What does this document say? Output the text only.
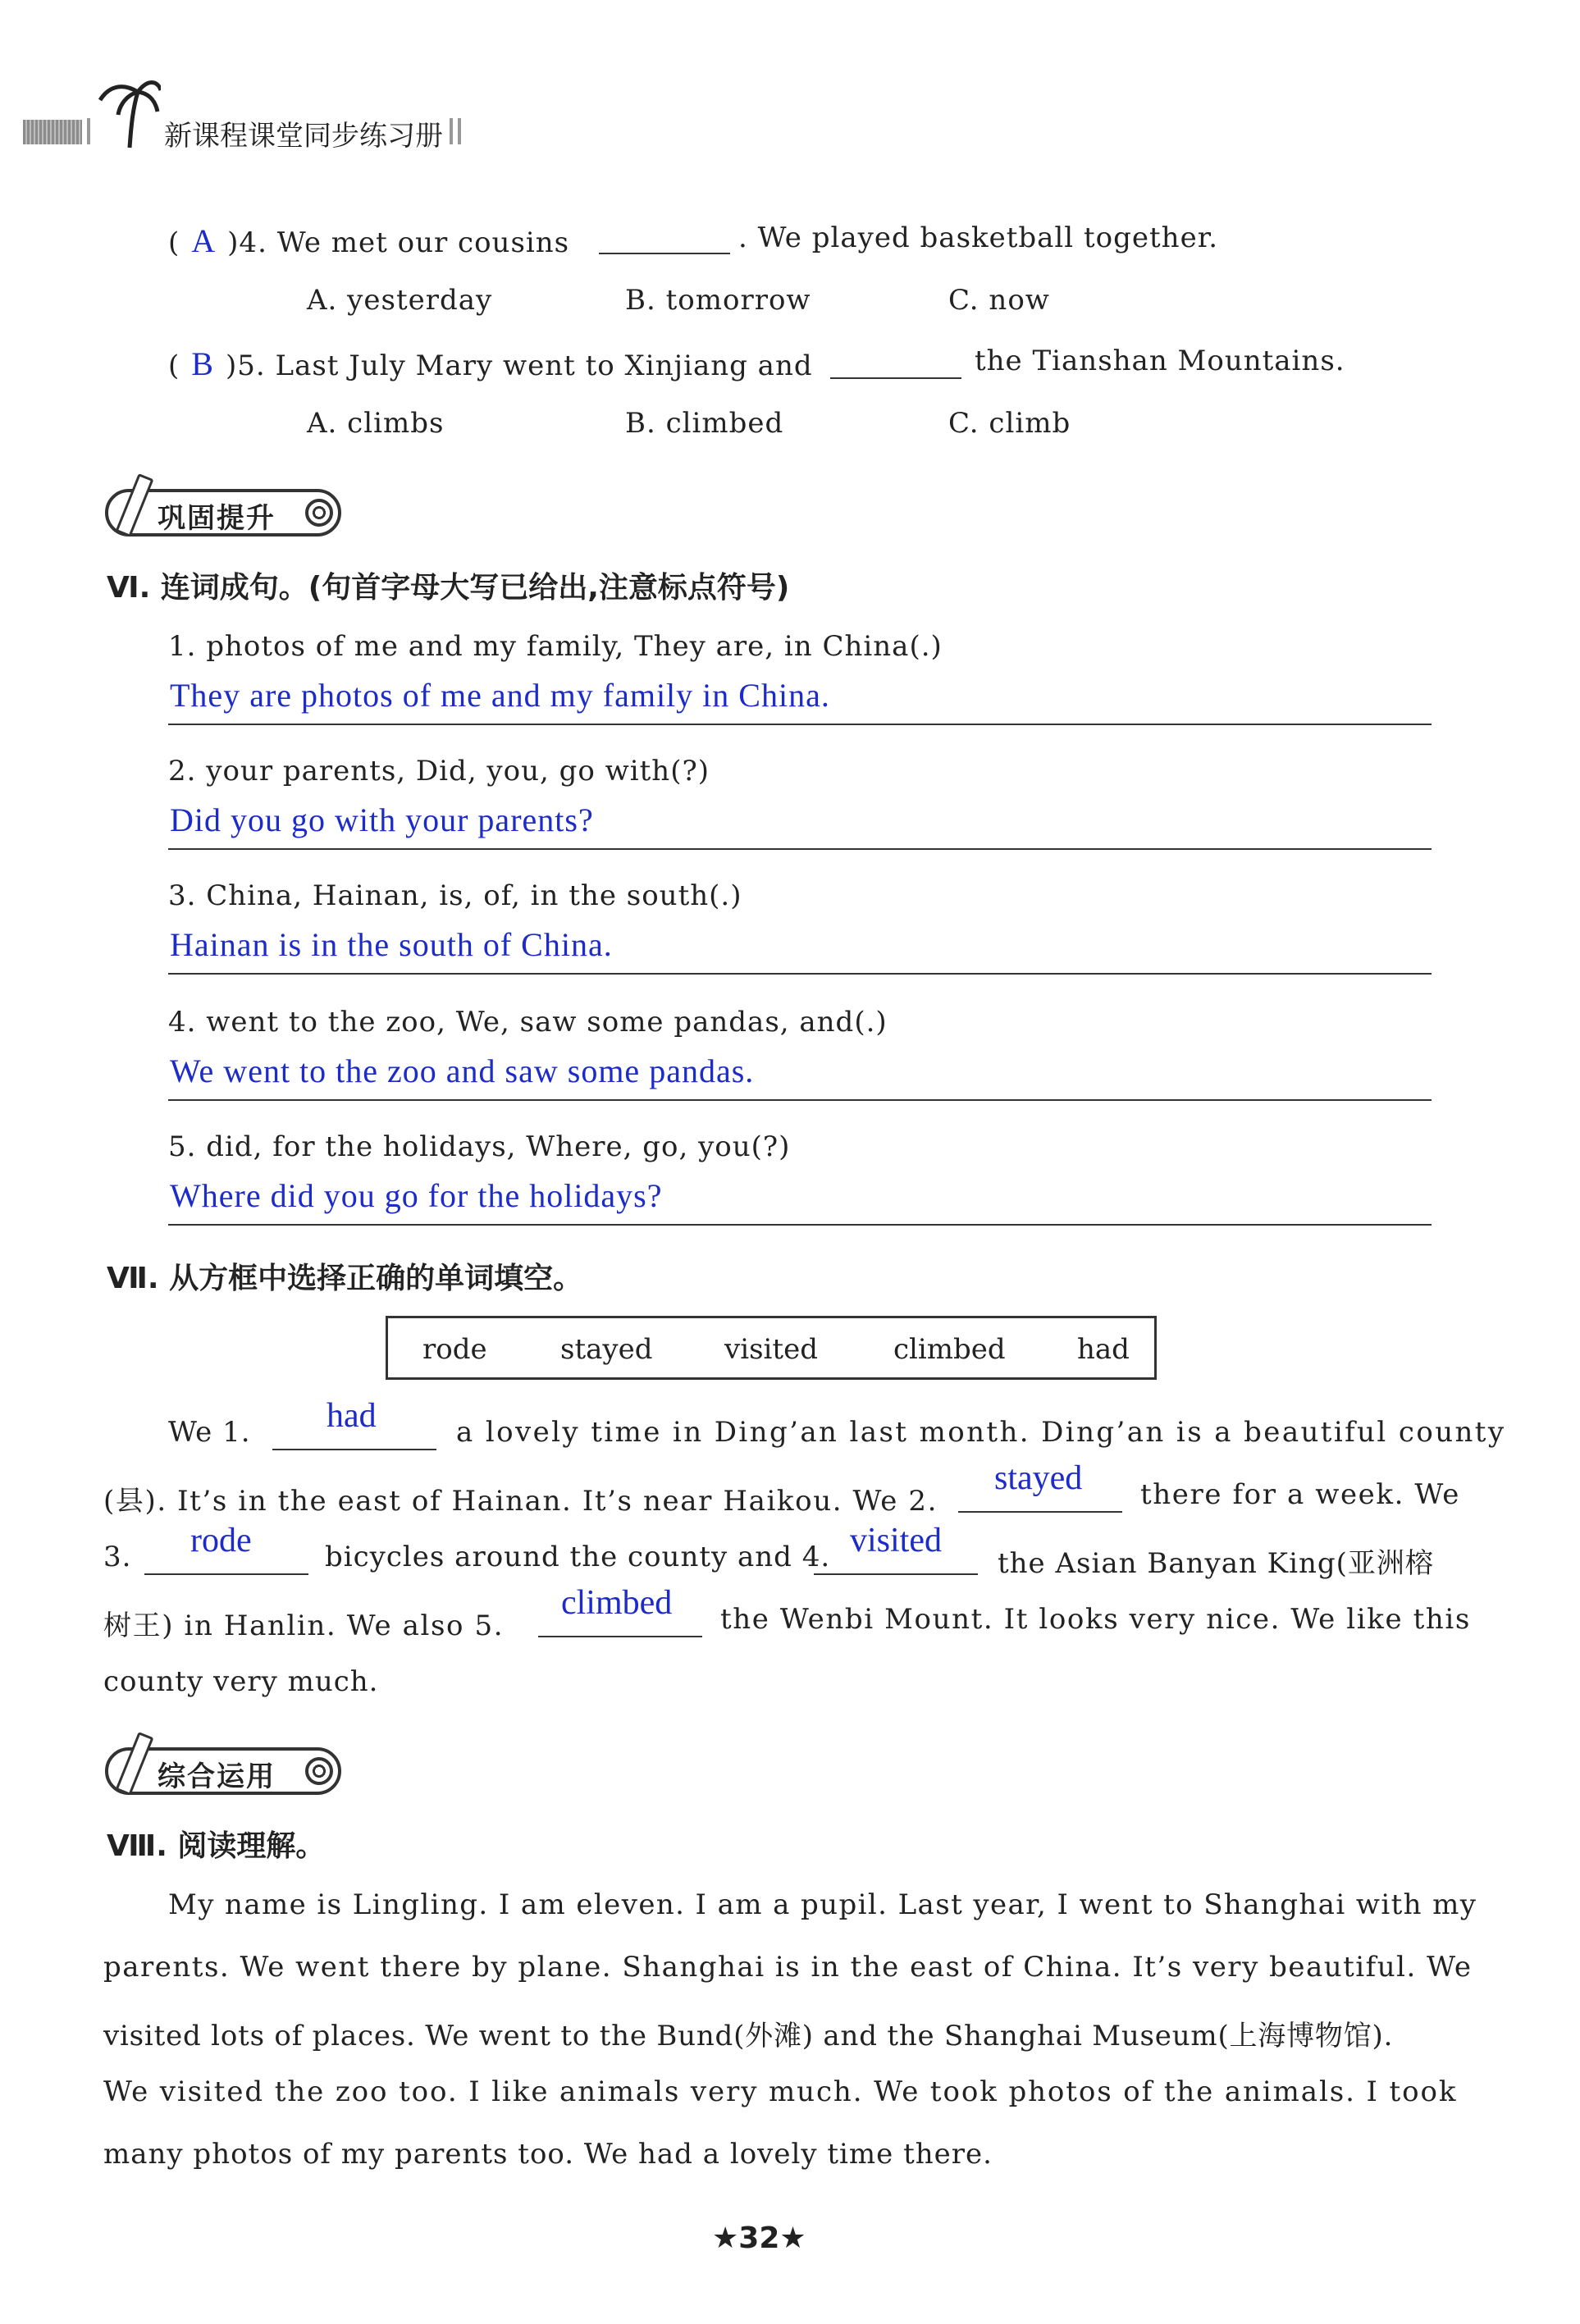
新课程课堂同步练习册
( A )4. We met our cousins	. We played basketball together.
A. yesterday	B. tomorrow	C. now
( B )5. Last July Mary went to Xinjiang and	the Tianshan Mountains.
A. climbs	B. climbed	C. climb
巩固提升
Ⅵ. 连词成句。(句首字母大写已给出,注意标点符号)
1. photos of me and my family, They are, in China(.)
They are photos of me and my family in China.
2. your parents, Did, you, go with(?)
Did you go with your parents?
3. China, Hainan, is, of, in the south(.)
Hainan is in the south of China.
4. went to the zoo, We, saw some pandas, and(.)
We went to the zoo and saw some pandas.
5. did, for the holidays, Where, go, you(?)
Where did you go for the holidays?
Ⅶ. 从方框中选择正确的单词填空。
rode	stayed	visited	climbed	had
We 1. had	a lovely time in Ding’an last month. Ding’an is a beautiful county
(县). It’s in the east of Hainan. It’s near Haikou. We 2.
stayed there for a week. We
3. rode	bicycles around the county and 4. visited
the Asian Banyan King(亚洲榕
树王) in Hanlin. We also 5.
climbed the Wenbi Mount. It looks very nice. We like this
county very much.
综合运用
Ⅷ. 阅读理解。
My name is Lingling. I am eleven. I am a pupil. Last year, I went to Shanghai with my
parents. We went there by plane. Shanghai is in the east of China. It’s very beautiful. We
visited lots of places. We went to the Bund(外滩) and the Shanghai Museum(上海博物馆).
We visited the zoo too. I like animals very much. We took photos of the animals. I took
many photos of my parents too. We had a lovely time there.
★32★
